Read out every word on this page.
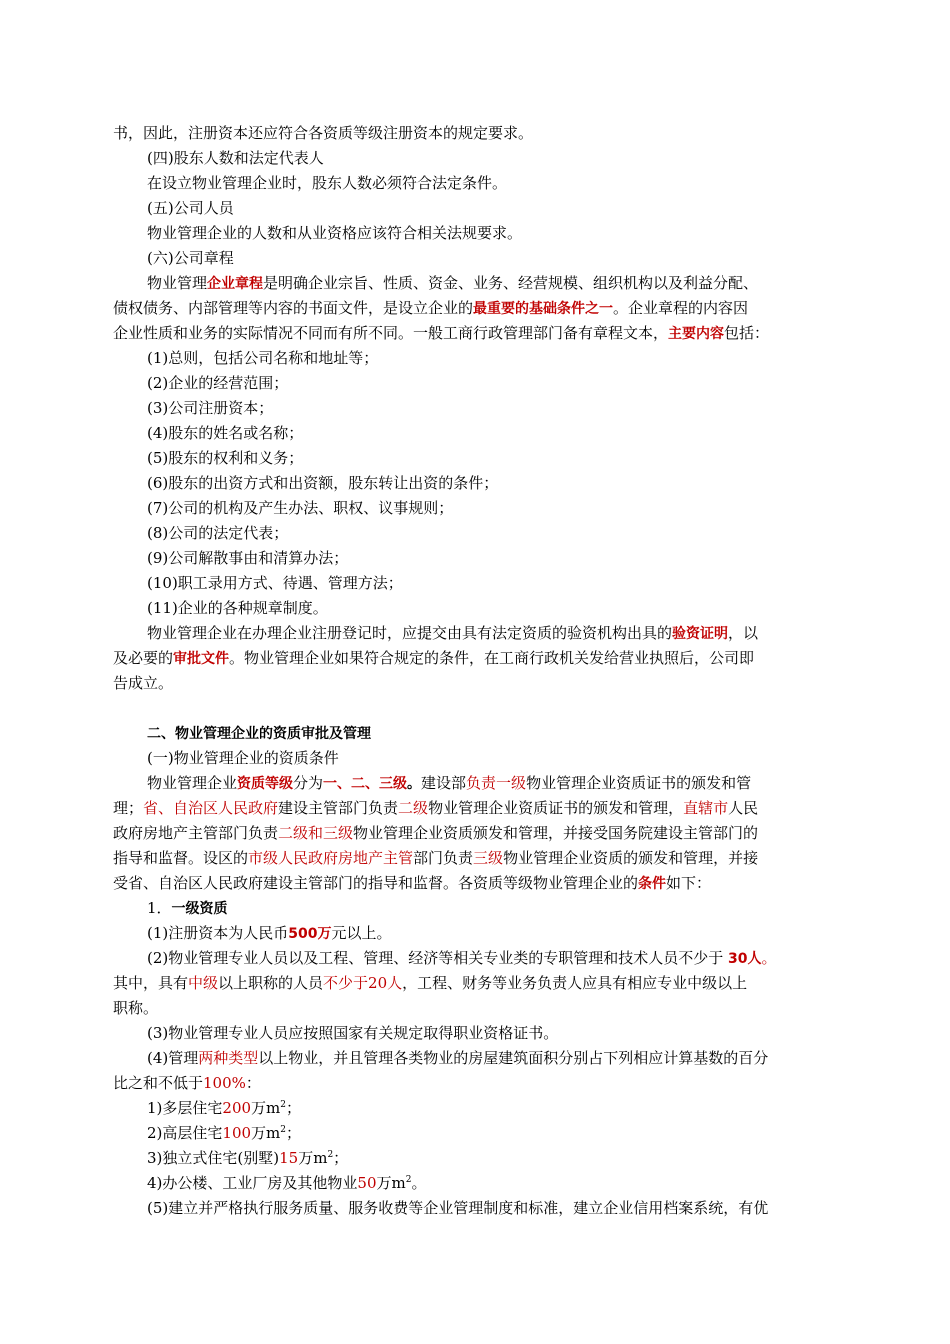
书，因此，注册资本还应符合各资质等级注册资本的规定要求。
(四)股东人数和法定代表人
在设立物业管理企业时，股东人数必须符合法定条件。
(五)公司人员
物业管理企业的人数和从业资格应该符合相关法规要求。
(六)公司章程
物业管理企业章程是明确企业宗旨、性质、资金、业务、经营规模、组织机构以及利益分配、
债权债务、内部管理等内容的书面文件，是设立企业的最重要的基础条件之一。企业章程的内容因
企业性质和业务的实际情况不同而有所不同。一般工商行政管理部门备有章程文本，主要内容包括：
(1)总则，包括公司名称和地址等；
(2)企业的经营范围；
(3)公司注册资本；
(4)股东的姓名或名称；
(5)股东的权利和义务；
(6)股东的出资方式和出资额，股东转让出资的条件；
(7)公司的机构及产生办法、职权、议事规则；
(8)公司的法定代表；
(9)公司解散事由和清算办法；
(10)职工录用方式、待遇、管理方法；
(11)企业的各种规章制度。
物业管理企业在办理企业注册登记时，应提交由具有法定资质的验资机构出具的验资证明，以
及必要的审批文件。物业管理企业如果符合规定的条件，在工商行政机关发给营业执照后，公司即
告成立。
二、物业管理企业的资质审批及管理
(一)物业管理企业的资质条件
物业管理企业资质等级分为一、二、三级。建设部负责一级物业管理企业资质证书的颁发和管
理；省、自治区人民政府建设主管部门负责二级物业管理企业资质证书的颁发和管理，直辖市人民
政府房地产主管部门负责二级和三级物业管理企业资质颁发和管理，并接受国务院建设主管部门的
指导和监督。设区的市级人民政府房地产主管部门负责三级物业管理企业资质的颁发和管理，并接
受省、自治区人民政府建设主管部门的指导和监督。各资质等级物业管理企业的条件如下：
1．一级资质
(1)注册资本为人民币500万元以上。
(2)物业管理专业人员以及工程、管理、经济等相关专业类的专职管理和技术人员不少于 30人。
其中，具有中级以上职称的人员不少于20人，工程、财务等业务负责人应具有相应专业中级以上
职称。
(3)物业管理专业人员应按照国家有关规定取得职业资格证书。
(4)管理两种类型以上物业，并且管理各类物业的房屋建筑面积分别占下列相应计算基数的百分
比之和不低于100%：
1)多层住宅200万$m^2$；
2)高层住宅100万$m^2$；
3)独立式住宅(别墅)15万$m^2$；
4)办公楼、工业厂房及其他物业50万$m^2$。
(5)建立并严格执行服务质量、服务收费等企业管理制度和标准，建立企业信用档案系统，有优
